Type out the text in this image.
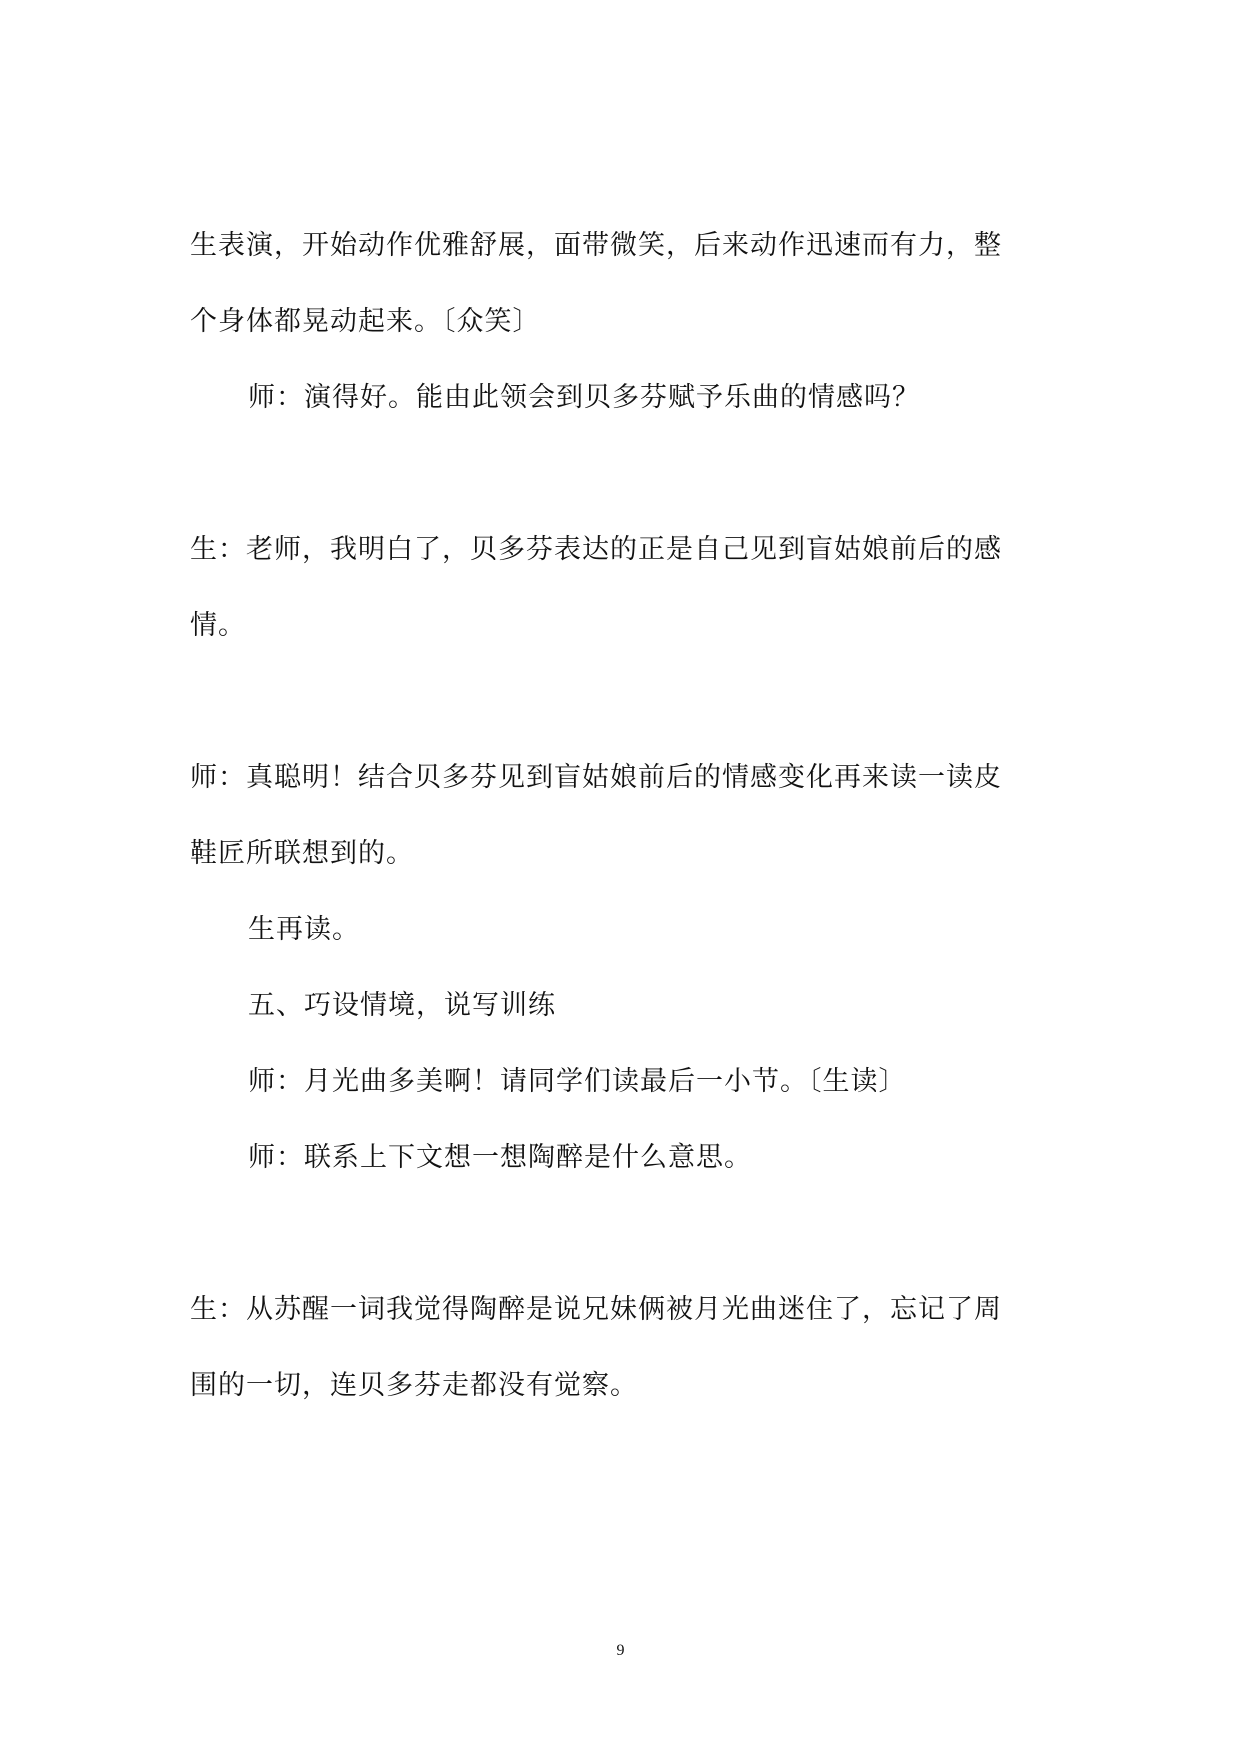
生表演，开始动作优雅舒展，面带微笑，后来动作迅速而有力，整
个身体都晃动起来。〔众笑〕
师：演得好。能由此领会到贝多芬赋予乐曲的情感吗？
生：老师，我明白了，贝多芬表达的正是自己见到盲姑娘前后的感
情。
师：真聪明！结合贝多芬见到盲姑娘前后的情感变化再来读一读皮
鞋匠所联想到的。
生再读。
五、巧设情境，说写训练
师：月光曲多美啊！请同学们读最后一小节。〔生读〕
师：联系上下文想一想陶醉是什么意思。
生：从苏醒一词我觉得陶醉是说兄妹俩被月光曲迷住了，忘记了周
围的一切，连贝多芬走都没有觉察。
9
